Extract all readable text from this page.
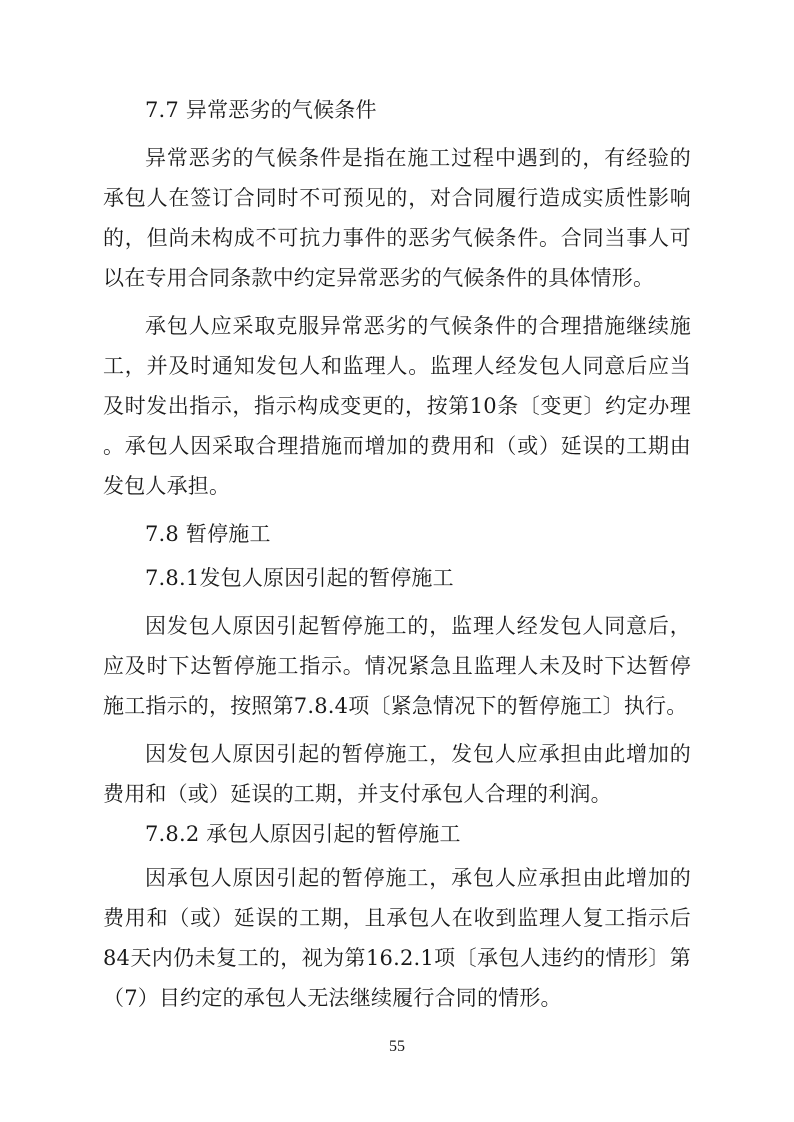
7.7 异常恶劣的气候条件
异常恶劣的气候条件是指在施工过程中遇到的，有经验的
承包人在签订合同时不可预见的，对合同履行造成实质性影响
的，但尚未构成不可抗力事件的恶劣气候条件。合同当事人可
以在专用合同条款中约定异常恶劣的气候条件的具体情形。
承包人应采取克服异常恶劣的气候条件的合理措施继续施
工，并及时通知发包人和监理人。监理人经发包人同意后应当
及时发出指示，指示构成变更的，按第10条〔变更〕约定办理
。承包人因采取合理措施而增加的费用和（或）延误的工期由
发包人承担。
7.8 暂停施工
7.8.1发包人原因引起的暂停施工
因发包人原因引起暂停施工的，监理人经发包人同意后，
应及时下达暂停施工指示。情况紧急且监理人未及时下达暂停
施工指示的，按照第7.8.4项〔紧急情况下的暂停施工〕执行。
因发包人原因引起的暂停施工，发包人应承担由此增加的
费用和（或）延误的工期，并支付承包人合理的利润。
7.8.2 承包人原因引起的暂停施工
因承包人原因引起的暂停施工，承包人应承担由此增加的
费用和（或）延误的工期，且承包人在收到监理人复工指示后
84天内仍未复工的，视为第16.2.1项〔承包人违约的情形〕第
（7）目约定的承包人无法继续履行合同的情形。
55
